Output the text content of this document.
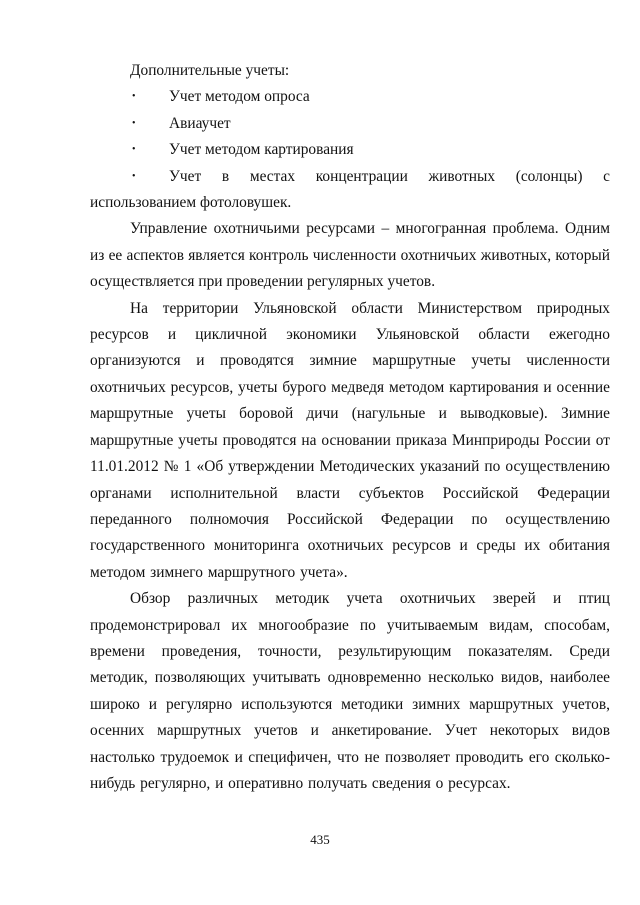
Дополнительные учеты:

• Учет методом опроса
• Авиаучет
• Учет методом картирования
• Учет в местах концентрации животных (солонцы) с использованием фотоловушек.

Управление охотничьими ресурсами – многогранная проблема. Одним из ее аспектов является контроль численности охотничьих животных, который осуществляется при проведении регулярных учетов.

На территории Ульяновской области Министерством природных ресурсов и цикличной экономики Ульяновской области ежегодно организуются и проводятся зимние маршрутные учеты численности охотничьих ресурсов, учеты бурого медведя методом картирования и осенние маршрутные учеты боровой дичи (нагульные и выводковые). Зимние маршрутные учеты проводятся на основании приказа Минприроды России от 11.01.2012 № 1 «Об утверждении Методических указаний по осуществлению органами исполнительной власти субъектов Российской Федерации переданного полномочия Российской Федерации по осуществлению государственного мониторинга охотничьих ресурсов и среды их обитания методом зимнего маршрутного учета».

Обзор различных методик учета охотничьих зверей и птиц продемонстрировал их многообразие по учитываемым видам, способам, времени проведения, точности, результирующим показателям. Среди методик, позволяющих учитывать одновременно несколько видов, наиболее широко и регулярно используются методики зимних маршрутных учетов, осенних маршрутных учетов и анкетирование. Учет некоторых видов настолько трудоемок и специфичен, что не позволяет проводить его сколько-нибудь регулярно, и оперативно получать сведения о ресурсах.

435
